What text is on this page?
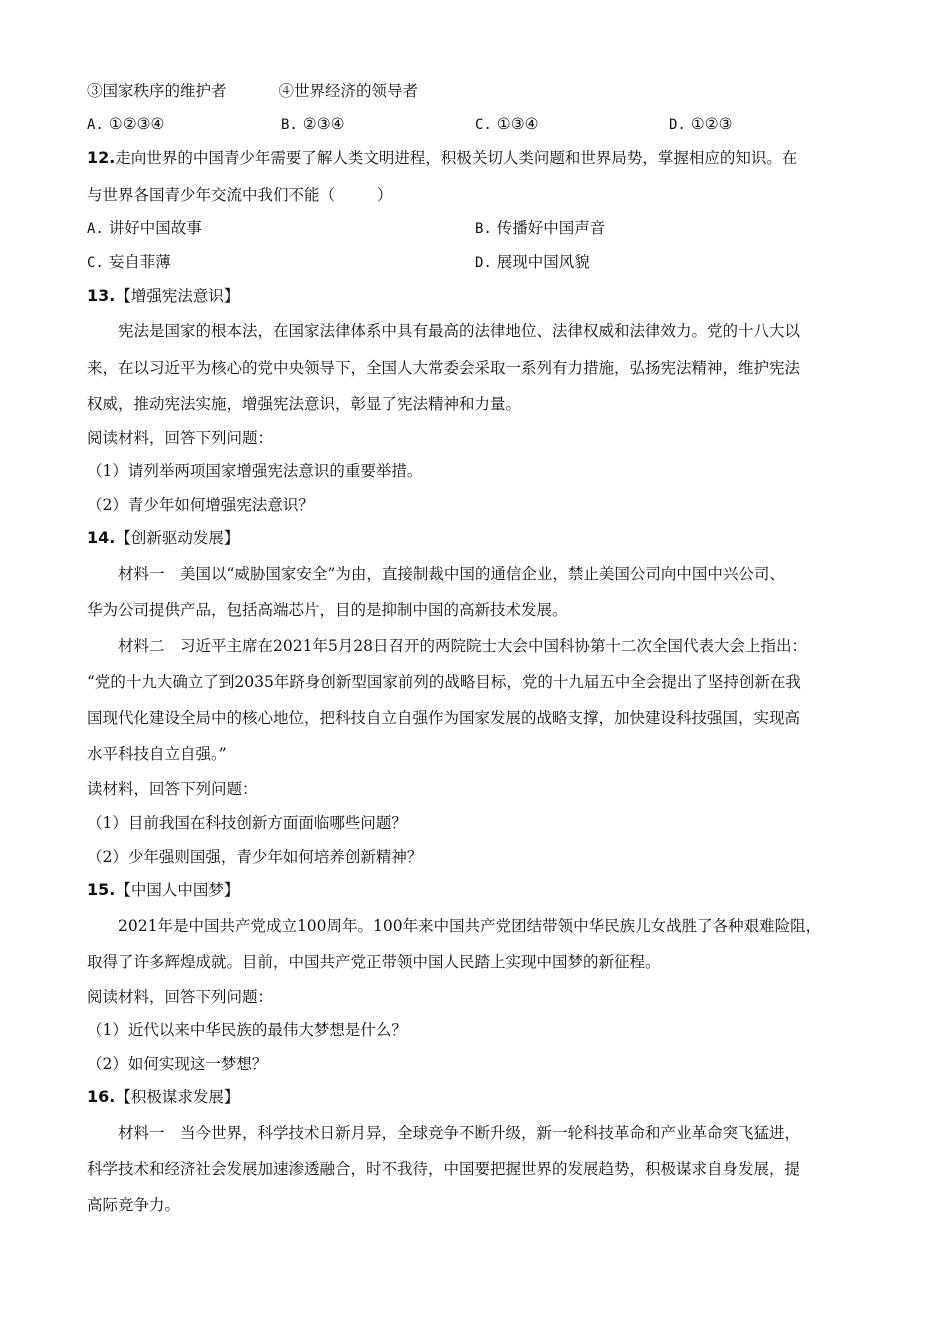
③国家秩序的维护者	④世界经济的领导者
A. ①②③④	B. ②③④	C. ①③④	D. ①②③
12.走向世界的中国青少年需要了解人类文明进程，积极关切人类问题和世界局势，掌握相应的知识。在
与世界各国青少年交流中我们不能（	）
A. 讲好中国故事	B. 传播好中国声音
C. 妄自菲薄	D. 展现中国风貌
13.【增强宪法意识】
宪法是国家的根本法，在国家法律体系中具有最高的法律地位、法律权威和法律效力。党的十八大以
来，在以习近平为核心的党中央领导下，全国人大常委会采取一系列有力措施，弘扬宪法精神，维护宪法
权威，推动宪法实施，增强宪法意识，彰显了宪法精神和力量。
阅读材料，回答下列问题：
（1）请列举两项国家增强宪法意识的重要举措。
（2）青少年如何增强宪法意识？
14.【创新驱动发展】
材料一　美国以“威胁国家安全”为由，直接制裁中国的通信企业，禁止美国公司向中国中兴公司、
华为公司提供产品，包括高端芯片，目的是抑制中国的高新技术发展。
材料二　习近平主席在2021年5月28日召开的两院院士大会中国科协第十二次全国代表大会上指出：
“党的十九大确立了到2035年跻身创新型国家前列的战略目标，党的十九届五中全会提出了坚持创新在我
国现代化建设全局中的核心地位，把科技自立自强作为国家发展的战略支撑，加快建设科技强国，实现高
水平科技自立自强。”
读材料，回答下列问题：
（1）目前我国在科技创新方面面临哪些问题？
（2）少年强则国强，青少年如何培养创新精神？
15.【中国人中国梦】
2021年是中国共产党成立100周年。100年来中国共产党团结带领中华民族儿女战胜了各种艰难险阻，
取得了许多辉煌成就。目前，中国共产党正带领中国人民踏上实现中国梦的新征程。
阅读材料，回答下列问题：
（1）近代以来中华民族的最伟大梦想是什么？
（2）如何实现这一梦想？
16.【积极谋求发展】
材料一　当今世界，科学技术日新月异，全球竞争不断升级，新一轮科技革命和产业革命突飞猛进，
科学技术和经济社会发展加速渗透融合，时不我待，中国要把握世界的发展趋势，积极谋求自身发展，提
高际竞争力。
